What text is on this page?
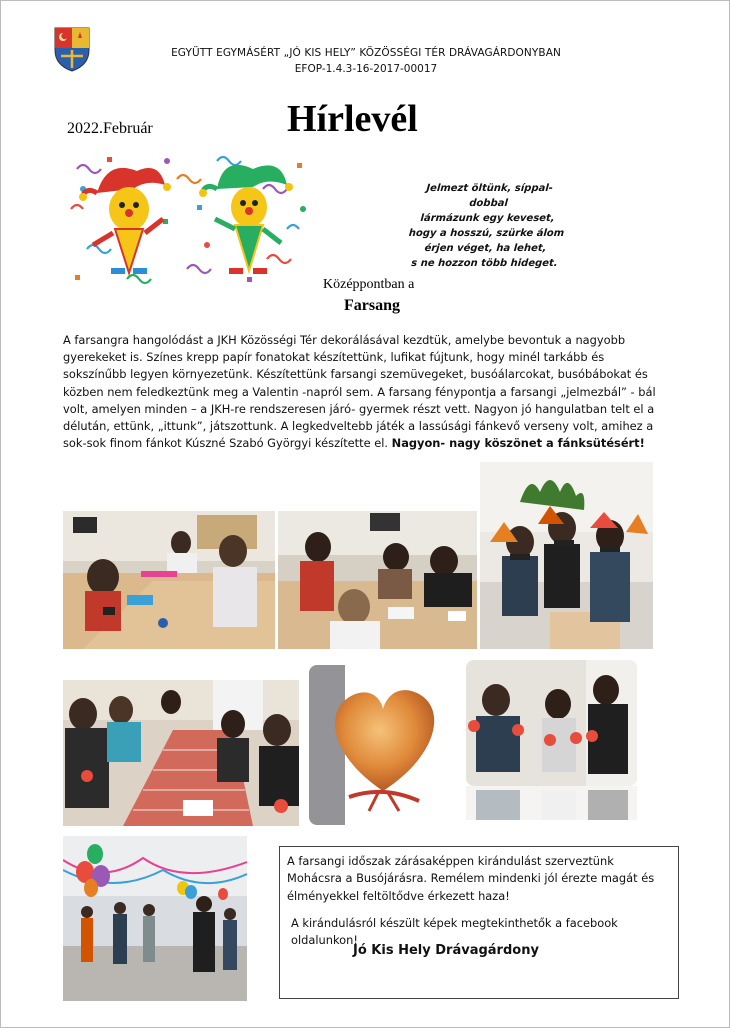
EGYÜTT EGYMÁSÉRT „JÓ KIS HELY” KÖZÖSSÉGI TÉR DRÁVAGÁRDONYBAN
EFOP-1.4.3-16-2017-00017
2022.Február	Hírlevél
Jelmezt öltünk, síppal-dobbal
lármázunk egy keveset,
hogy a hosszú, szürke álom
érjen véget, ha lehet,
s ne hozzon több hideget.
Középpontban a
Farsang
A farsangra hangolódást a JKH Közösségi Tér dekorálásával kezdtük, amelybe bevontuk a nagyobb gyerekeket is. Színes krepp papír fonatokat készítettünk, lufikat fújtunk, hogy minél tarkább és sokszínűbb legyen környezetünk. Készítettünk farsangi szemüvegeket, busóálarcokat, busóbábokat és közben nem feledkeztünk meg a Valentin -napról sem. A farsang fénypontja a farsangi „jelmezbál” - bál volt, amelyen minden – a JKH-re rendszeresen járó- gyermek részt vett. Nagyon jó hangulatban telt el a délután, ettünk, „ittunk”, játszottunk. A legkedveltebb játék a lassúsági fánkevő verseny volt, amihez a sok-sok finom fánkot Kúszné Szabó Györgyi készítette el. Nagyon- nagy köszönet a fánksütésért!
A farsangi időszak zárásaképpen kirándulást szerveztünk Mohácsra a Busójárásra. Remélem mindenki jól érezte magát és élményekkel feltöltődve érkezett haza!
A kirándulásról készült képek megtekinthetők a facebook oldalunkon!
Jó Kis Hely Drávagárdony
